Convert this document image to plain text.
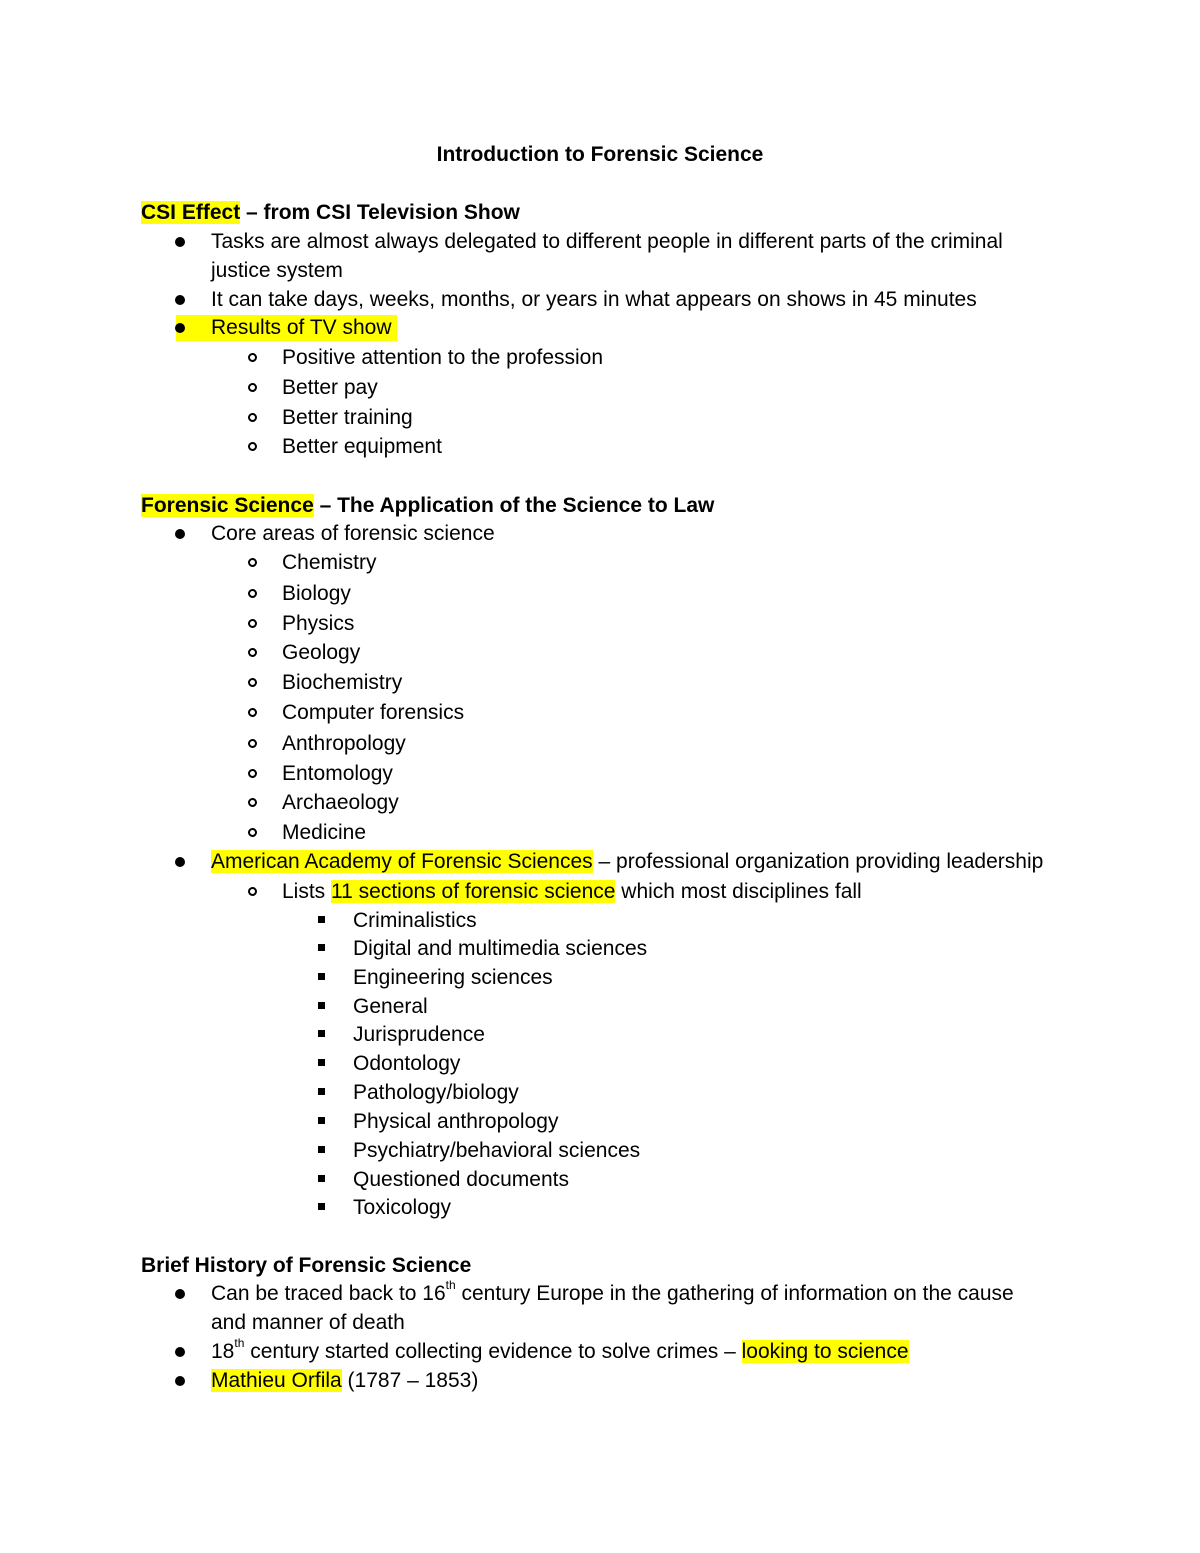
Introduction to Forensic Science
CSI Effect – from CSI Television Show
Tasks are almost always delegated to different people in different parts of the criminal
justice system
It can take days, weeks, months, or years in what appears on shows in 45 minutes
Results of TV show
Positive attention to the profession
Better pay
Better training
Better equipment
Forensic Science – The Application of the Science to Law
Core areas of forensic science
Chemistry
Biology
Physics
Geology
Biochemistry
Computer forensics
Anthropology
Entomology
Archaeology
Medicine
American Academy of Forensic Sciences – professional organization providing leadership
Lists 11 sections of forensic science which most disciplines fall
Criminalistics
Digital and multimedia sciences
Engineering sciences
General
Jurisprudence
Odontology
Pathology/biology
Physical anthropology
Psychiatry/behavioral sciences
Questioned documents
Toxicology
Brief History of Forensic Science
Can be traced back to 16th century Europe in the gathering of information on the cause
and manner of death
18th century started collecting evidence to solve crimes – looking to science
Mathieu Orfila (1787 – 1853)
